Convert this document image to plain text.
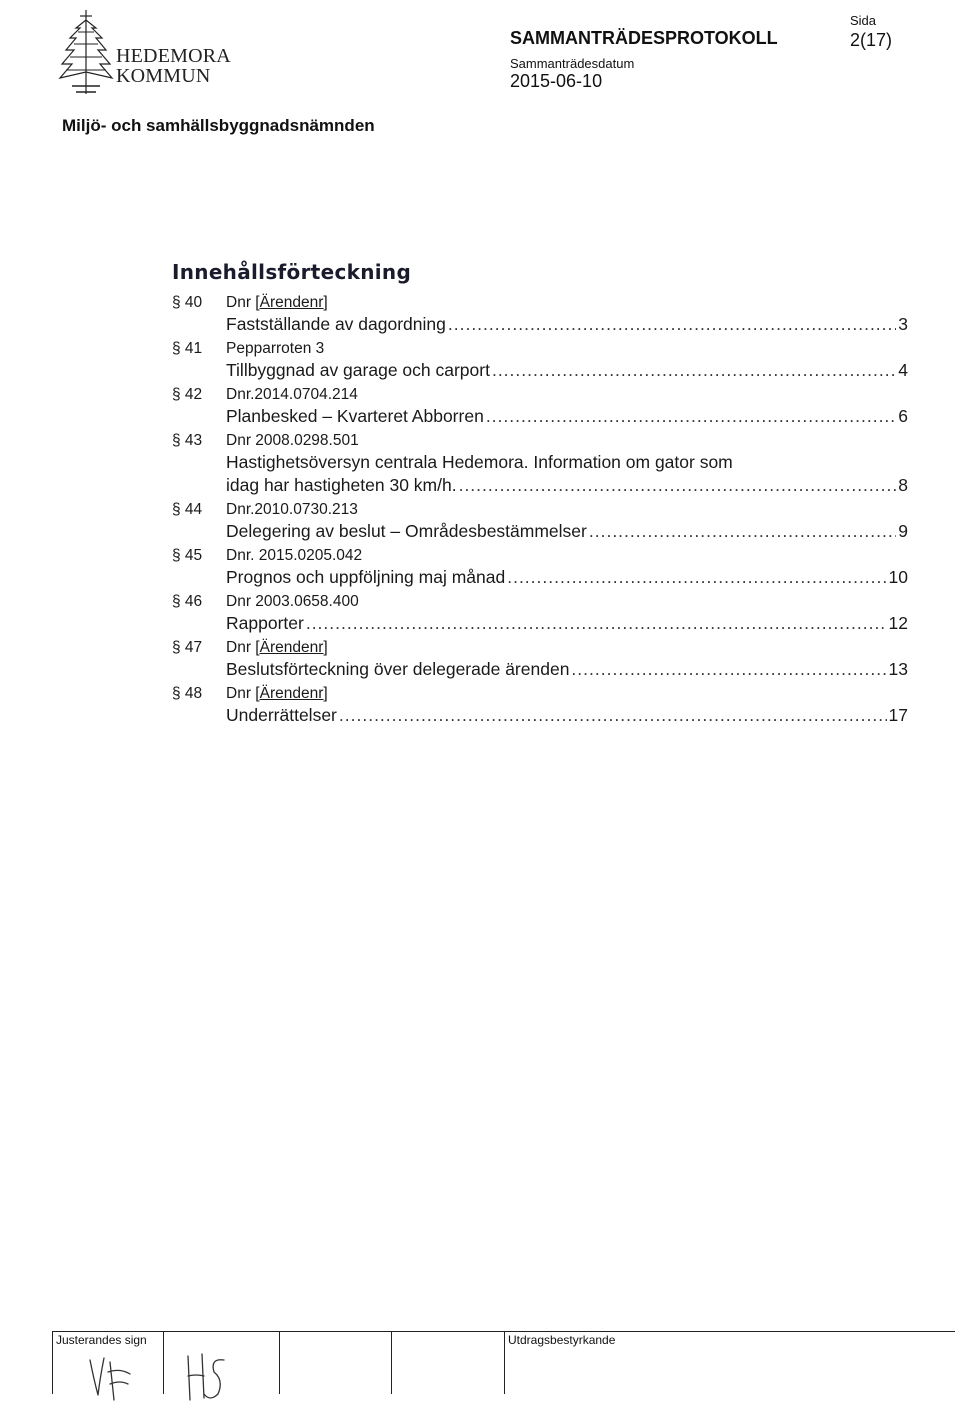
HEDEMORA
KOMMUN
SAMMANTRÄDESPROTOKOLL
Sida
2(17)
Sammanträdesdatum
2015-06-10
Miljö- och samhällsbyggnadsnämnden
Innehållsförteckning
§ 40	Dnr [Ärendenr]
Fastställande av dagordning .....	3
§ 41	Pepparroten 3
Tillbyggnad av garage och carport .....	4
§ 42	Dnr.2014.0704.214
Planbesked – Kvarteret Abborren .....	6
§ 43	Dnr 2008.0298.501
Hastighetsöversyn centrala Hedemora. Information om gator som
idag har hastigheten 30 km/h. .....	8
§ 44	Dnr.2010.0730.213
Delegering av beslut – Områdesbestämmelser .....	9
§ 45	Dnr. 2015.0205.042
Prognos och uppföljning maj månad .....	10
§ 46	Dnr 2003.0658.400
Rapporter .....	12
§ 47	Dnr [Ärendenr]
Beslutsförteckning över delegerade ärenden .....	13
§ 48	Dnr [Ärendenr]
Underrättelser .....	17
Justerandes sign	Utdragsbestyrkande
